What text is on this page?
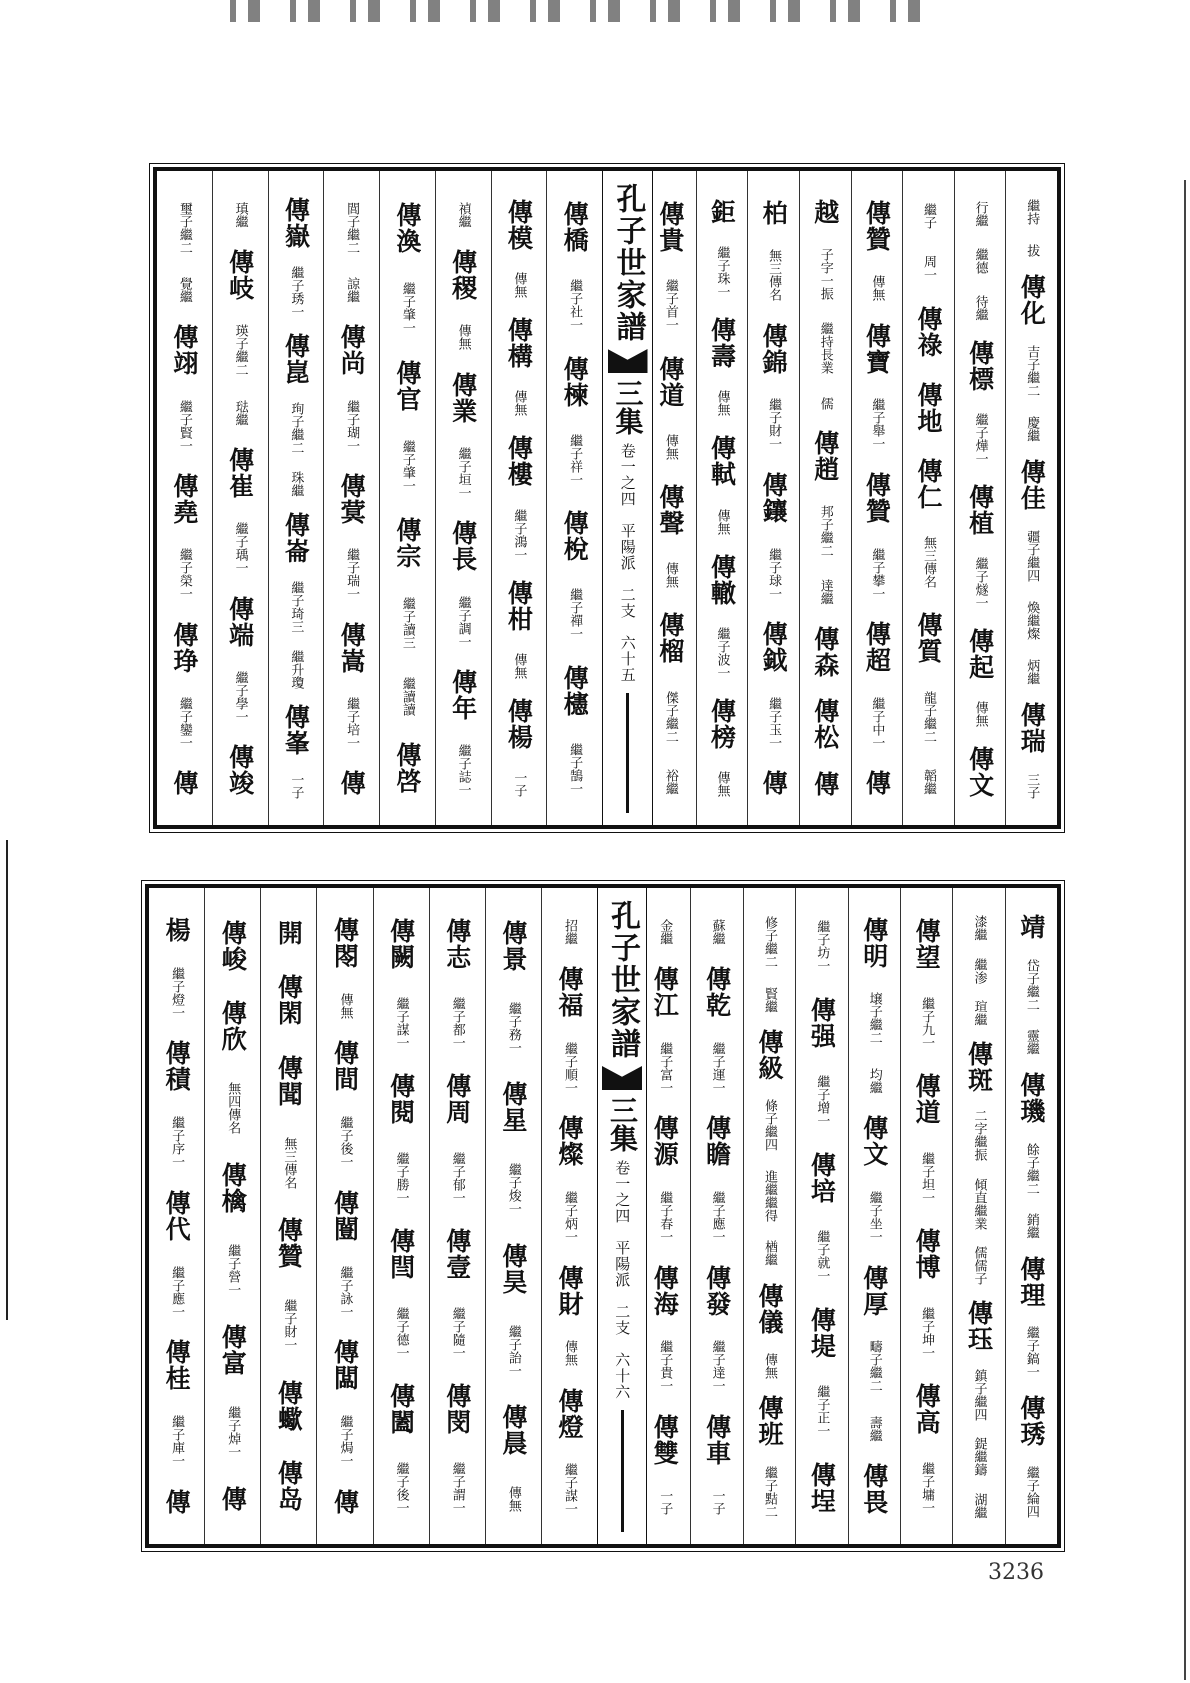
繼持
拔
傳化
吉子繼二
慶繼
傳佳
疆子繼四
煥繼燦
炳繼
傳瑞
三子
行繼
繼德
待繼
傳標
繼子燁一
傳植
繼子燧一
傳起
傳無
傳文
繼子
周一
傳祿
傳地
傳仁
無三傳名
傳質
龍子繼二
韜繼
傳贊
傳無
傳寶
繼子舉一
傳贊
繼子攀一
傳超
繼子中一
傳
越
子字一振
繼持長業
儒
傳趙
邦子繼二
達繼
傳森
傳松
傳
柏
無三傳名
傳錦
繼子財一
傳鑲
繼子球一
傳鉞
繼子玉一
傳
鉅
繼子珠一
傳壽
傳無
傳軾
傳無
傳轍
繼子波一
傳榜
傳無
傳貴
繼子首一
傳道
傳無
傳聲
傳無
傳榴
傑子繼二
裕繼
孔子世家譜
三集
卷一之四　平陽派　二支　六十五
傳橋
繼子社一
傳楝
繼子祥一
傳梲
繼子禪一
傳櫶
繼子鵠一
傳模
傳無
傳構
傳無
傳樓
繼子鴻一
傳柑
傳無
傳楊
一子
禎繼
傳稷
傳無
傳業
繼子垣一
傳長
繼子調一
傳年
繼子誌一
傳渙
繼子肇一
傳官
繼子肇一
傳宗
繼子讀三
繼讀讀
傳啓
閭子繼二
諒繼
傳尚
繼子瑚一
傳蓂
繼子瑞一
傳嵩
繼子培一
傳
傳嶽
繼子琇一
傳崑
珣子繼二
珠繼
傳崙
繼子琦三
繼升瓊
傳峯
一子
瑱繼
傳岐
瑛子繼二
琺繼
傳崔
繼子瑀一
傳端
繼子學一
傳竣
璽子繼二
覺繼
傳翊
繼子賢一
傳堯
繼子榮一
傳琤
繼子鑾一
傳
靖
岱子繼二
靈繼
傳璣
餘子繼二
銷繼
傳理
繼子鎬一
傳琇
繼子綸四
漆繼
繼渗
瑄繼
傳斑
二字繼振
傾直繼業
儒儒子
傳珏
鎮子繼四
鍉繼鑄
湖繼
傳望
繼子九一
傳道
繼子坦一
傳博
繼子坤一
傳高
繼子墉一
傳明
壌子繼二
均繼
傳文
繼子坐一
傳厚
疇子繼二
壽繼
傳畏
繼子坊一
傳强
繼子增一
傳培
繼子就一
傳堤
繼子正一
傳埕
修子繼二
賢繼
傳級
條子繼四
進繼繼得
楢繼
傳儀
傳無
傳班
繼子黠二
蘇繼
傳乾
繼子運一
傳瞻
繼子應一
傳發
繼子達一
傳車
一子
金繼
傳江
繼子富一
傳源
繼子春一
傳海
繼子貴一
傳雙
一子
孔子世家譜
三集
卷一之四　平陽派　二支　六十六
招繼
傳福
繼子順一
傳燦
繼子炳一
傳財
傳無
傳燈
繼子謀一
傳景
繼子務一
傳星
繼子焌一
傳昊
繼子詒一
傳晨
傳無
傳志
繼子都一
傳周
繼子郁一
傳壹
繼子隨一
傳閔
繼子謂一
傳闕
繼子謀一
傳閱
繼子勝一
傳閆
繼子德一
傳闔
繼子後一
傳閝
傳無
傳間
繼子後一
傳闓
繼子詠一
傳闆
繼子焗一
傳
開
傳閑
傳聞
無三傳名
傳贊
繼子財一
傳蠍
傳岛
傳峻
傳欣
無四傳名
傳檎
繼子營一
傳富
繼子焯一
傳
楊
繼子燈一
傳積
繼子序一
傳代
繼子應一
傳桂
繼子庫一
傳
3236
